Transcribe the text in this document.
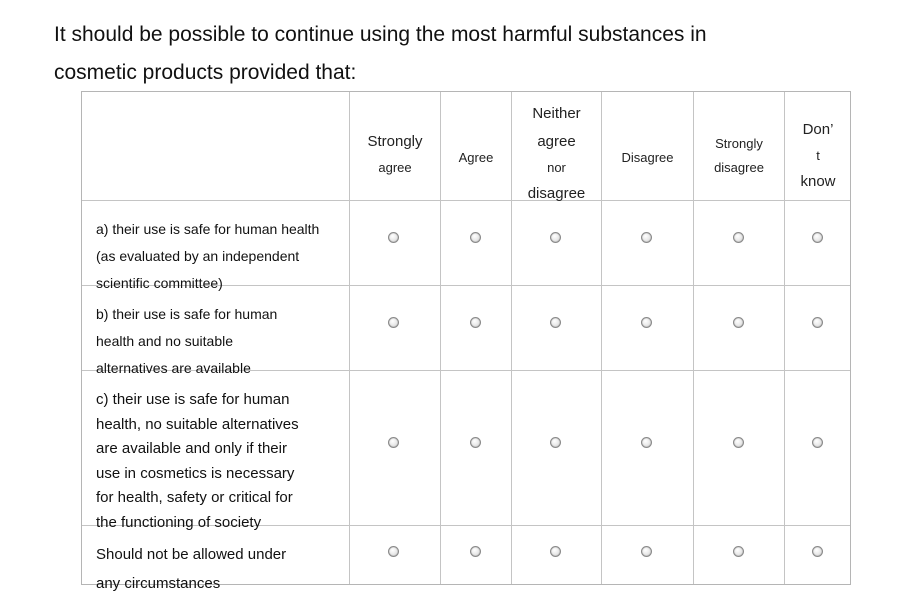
It should be possible to continue using the most harmful substances in
cosmetic products provided that:
Strongly
agree
Agree
Neither
agree
nor
disagree
Disagree
Strongly
disagree
Don’
t
know
a) their use is safe for human health
(as evaluated by an independent
scientific committee)
b) their use is safe for human
health and no suitable
alternatives are available
c) their use is safe for human
health, no suitable alternatives
are available and only if their
use in cosmetics is necessary
for health, safety or critical for
the functioning of society
Should not be allowed under
any circumstances
